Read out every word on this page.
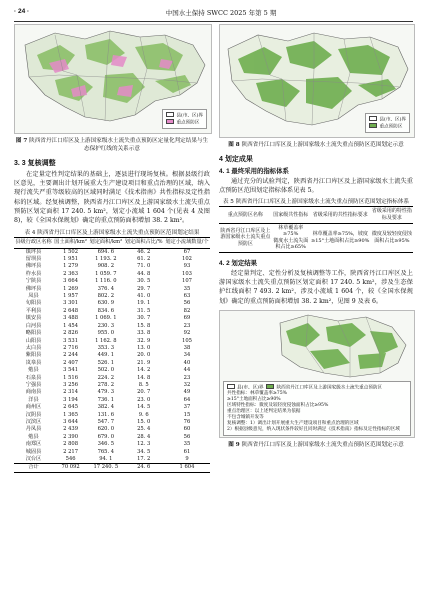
· 24 ·	中国水土保持 SWCC 2025 年第 5 期
县(市、区)界
重点预防区
图 7 陕西省丹江口库区及上游国家级水土流失重点预防区定量化判定结果与生态保护红线的关系示意
3. 3 复核调整

在定量定性判定结果的基础上，逐县进行现场复核。根据县级行政区意见，主要调出计划开展重大生产建设项目和重点治理的区域，纳入现行流失严重等级较高的区域同时满足《技术指南》共性指标及定性指标的区域。经复核调整，陕西省丹江口库区及上游国家级水土流失重点预防区划定面积 17 240. 5 km²，划定小流域 1 604 个(见表 4 及图 8)，较《全国水保规划》确定的重点预防面积增加 38. 2 km²。

表 4 陕西省丹江口库区及上游国家级水土流失重点预防区范围划定结果
县级行政区名称	国土面积/km²	划定面积/km²	划定面积占比/%	划定小流域数量/个
镇坪县	1 502	694. 6	46. 2	67
留坝县	1 951	1 193. 2	61. 2	102
佛坪县	1 279	908. 2	71. 0	93
柞水县	2 363	1 059. 7	44. 8	103
宁陕县	3 664	1 116. 0	30. 5	107
佛坪县	1 269	376. 4	29. 7	35
凤县	1 957	802. 2	41. 0	63
旬阳县	3 301	630. 9	19. 1	56
平利县	2 648	834. 6	31. 5	82
镇安县	3 488	1 069. 1	30. 7	69
白河县	1 454	230. 3	15. 8	23
略阳县	2 826	955. 0	33. 8	92
山阳县	3 531	1 162. 8	32. 9	105
太白县	2 716	353. 3	13. 0	38
紫阳县	2 244	449. 1	20. 0	34
岚皋县	2 407	526. 1	21. 9	40
勉县	3 541	502. 0	14. 2	44
石泉县	1 516	224. 2	14. 8	23
宁强县	3 256	278. 2	8. 5	32
商南县	2 314	479. 3	20. 7	49
洋县	3 194	736. 1	23. 0	64
商州区	2 645	382. 4	14. 5	37
汉阴县	1 365	131. 6	9. 6	15
汉滨区	3 644	547. 7	15. 0	76
丹凤县	2 439	620. 0	25. 4	60
勉县	2 390	679. 0	28. 4	56
南郑区	2 808	346. 5	12. 3	35
城固县	2 217	765. 4	34. 5	61
汉台区	546	94. 1	17. 2	9
合计	70 092	17 240. 5	24. 6	1 604
县(市、区)界
重点预防区
图 8 陕西省丹江口库区及上游国家级水土流失重点预防区范围划定示意
4 划定成果
4. 1 最终采用的指标体系

通过充分的试验判定，陕西省丹江口库区及上游国家级水土流失重点预防区范围划定指标体系见表 5。

表 5 陕西省丹江口库区及上游国家级水土流失重点预防区范围划定指标体系
重点预防区名称	国家级共性指标	省级采用的共性指标要求	省级采用的特性指标及要求
陕西省丹江口库区及上游国家级水土流失重点预防区	林草覆盖率≥75%
微度水土流失面积占比≥65%	林草覆盖率≥75%，坡度≥15°土地面积占比≥90%	微度及较轻度侵蚀面积占比≥95%
4. 2 划定结果

经定量判定、定性分析及复核调整等工作，陕西省丹江口库区及上游国家级水土流失重点预防区划定面积 17 240. 5 km²，涉及生态保护红线面积 7 493. 2 km²，涉及小流域 1 604 个，较《全国水保规划》确定的重点预防面积增加 38. 2 km²，见图 9 及表 6。

县(市、区)界	陕西省丹江口库区及上游国家级水土流失重点预防区
共性指标：林草覆盖率≥75%
≥15°土地面积占比≥90%
区域特性指标：微度及较轻度侵蚀面积占比≥95%
重点治理区：以上述判定结果为依据
不包含城镇开发等
复核调整：1）调出计划开展重大生产建设项目和重点治理的区域
2）根据县级意见，纳入现状条件较好且同时满足《技术指南》指标及定性指标的区域
图 9 陕西省丹江口库区及上游国家级水土流失重点预防区范围划定示意
